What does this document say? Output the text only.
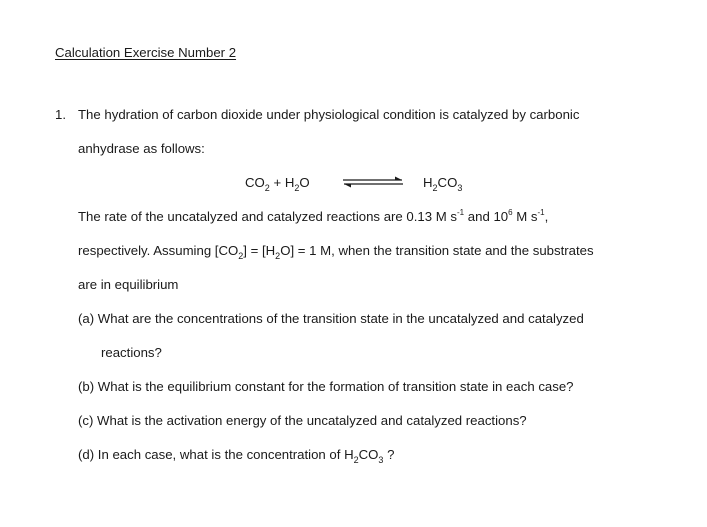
Calculation Exercise Number 2
1. The hydration of carbon dioxide under physiological condition is catalyzed by carbonic
anhydrase as follows:
$CO_2 + H_2O$ ⇌ $H_2CO_3$
The rate of the uncatalyzed and catalyzed reactions are 0.13 M $s^{-1}$ and $10^6$ M $s^{-1}$,
respectively. Assuming $[CO_2] = [H_2O] = 1$ M, when the transition state and the substrates
are in equilibrium
(a) What are the concentrations of the transition state in the uncatalyzed and catalyzed
reactions?
(b) What is the equilibrium constant for the formation of transition state in each case?
(c) What is the activation energy of the uncatalyzed and catalyzed reactions?
(d) In each case, what is the concentration of $H_2CO_3$ ?
